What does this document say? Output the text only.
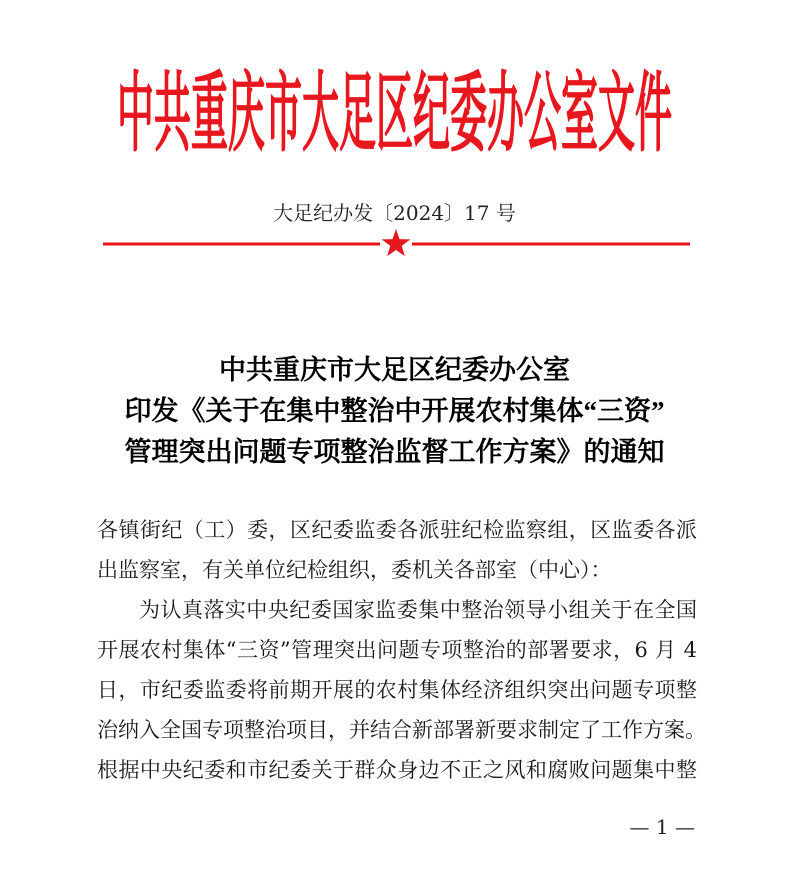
中共重庆市大足区纪委办公室文件
大足纪办发〔2024〕17 号
中共重庆市大足区纪委办公室
印发《关于在集中整治中开展农村集体“三资”
管理突出问题专项整治监督工作方案》的通知
各镇街纪（工）委，区纪委监委各派驻纪检监察组，区监委各派
出监察室，有关单位纪检组织，委机关各部室（中心）：
为认真落实中央纪委国家监委集中整治领导小组关于在全国
开展农村集体“三资”管理突出问题专项整治的部署要求，6 月 4
日，市纪委监委将前期开展的农村集体经济组织突出问题专项整
治纳入全国专项整治项目，并结合新部署新要求制定了工作方案。
根据中央纪委和市纪委关于群众身边不正之风和腐败问题集中整
— 1 —
